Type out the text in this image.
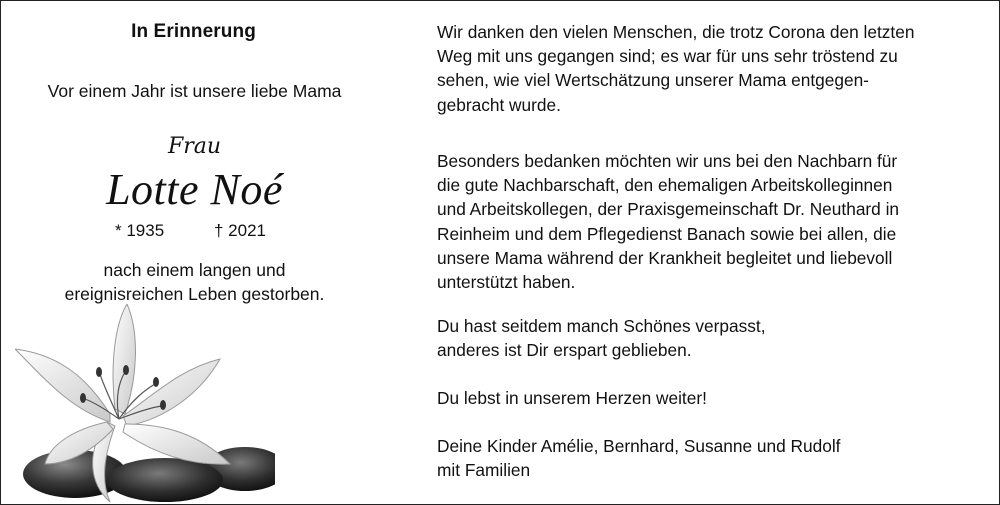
In Erinnerung
Vor einem Jahr ist unsere liebe Mama
Frau
Lotte Noé
* 1935	† 2021
nach einem langen und
ereignisreichen Leben gestorben.

Wir danken den vielen Menschen, die trotz Corona den letzten
Weg mit uns gegangen sind; es war für uns sehr tröstend zu
sehen, wie viel Wertschätzung unserer Mama entgegen-
gebracht wurde.

Besonders bedanken möchten wir uns bei den Nachbarn für
die gute Nachbarschaft, den ehemaligen Arbeitskolleginnen
und Arbeitskollegen, der Praxisgemeinschaft Dr. Neuthard in
Reinheim und dem Pflegedienst Banach sowie bei allen, die
unsere Mama während der Krankheit begleitet und liebevoll
unterstützt haben.

Du hast seitdem manch Schönes verpasst,
anderes ist Dir erspart geblieben.

Du lebst in unserem Herzen weiter!

Deine Kinder Amélie, Bernhard, Susanne und Rudolf
mit Familien
